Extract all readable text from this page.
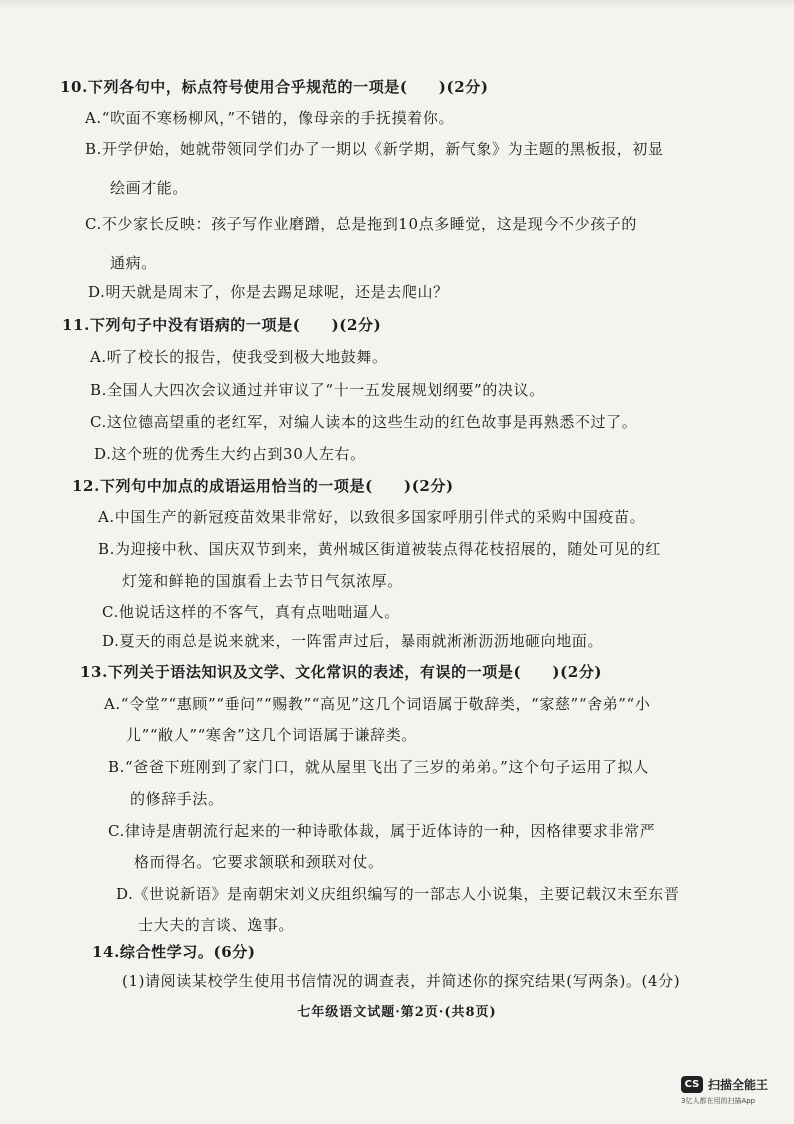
10.下列各句中，标点符号使用合乎规范的一项是(　　)(2分)
A.“吹面不寒杨柳风，”不错的，像母亲的手抚摸着你。
B.开学伊始，她就带领同学们办了一期以《新学期，新气象》为主题的黑板报，初显
绘画才能。
C.不少家长反映：孩子写作业磨蹭，总是拖到10点多睡觉，这是现今不少孩子的
通病。
D.明天就是周末了，你是去踢足球呢，还是去爬山？
11.下列句子中没有语病的一项是(　　)(2分)
A.听了校长的报告，使我受到极大地鼓舞。
B.全国人大四次会议通过并审议了“十一五发展规划纲要”的决议。
C.这位德高望重的老红军，对编人读本的这些生动的红色故事是再熟悉不过了。
D.这个班的优秀生大约占到30人左右。
12.下列句中加点的成语运用恰当的一项是(　　)(2分)
A.中国生产的新冠疫苗效果非常好，以致很多国家呼朋引伴式的采购中国疫苗。
B.为迎接中秋、国庆双节到来，黄州城区街道被装点得花枝招展的，随处可见的红
灯笼和鲜艳的国旗看上去节日气氛浓厚。
C.他说话这样的不客气，真有点咄咄逼人。
D.夏天的雨总是说来就来，一阵雷声过后，暴雨就淅淅沥沥地砸向地面。
13.下列关于语法知识及文学、文化常识的表述，有误的一项是(　　)(2分)
A.“令堂”“惠顾”“垂问”“赐教”“高见”这几个词语属于敬辞类，“家慈”“舍弟”“小
儿”“敝人”“寒舍”这几个词语属于谦辞类。
B.“爸爸下班刚到了家门口，就从屋里飞出了三岁的弟弟。”这个句子运用了拟人
的修辞手法。
C.律诗是唐朝流行起来的一种诗歌体裁，属于近体诗的一种，因格律要求非常严
格而得名。它要求颔联和颈联对仗。
D.《世说新语》是南朝宋刘义庆组织编写的一部志人小说集，主要记载汉末至东晋
士大夫的言谈、逸事。
14.综合性学习。(6分)
(1)请阅读某校学生使用书信情况的调查表，并简述你的探究结果(写两条)。(4分)
七年级语文试题·第2页·(共8页)
CS 扫描全能王
3亿人都在用的扫描App
